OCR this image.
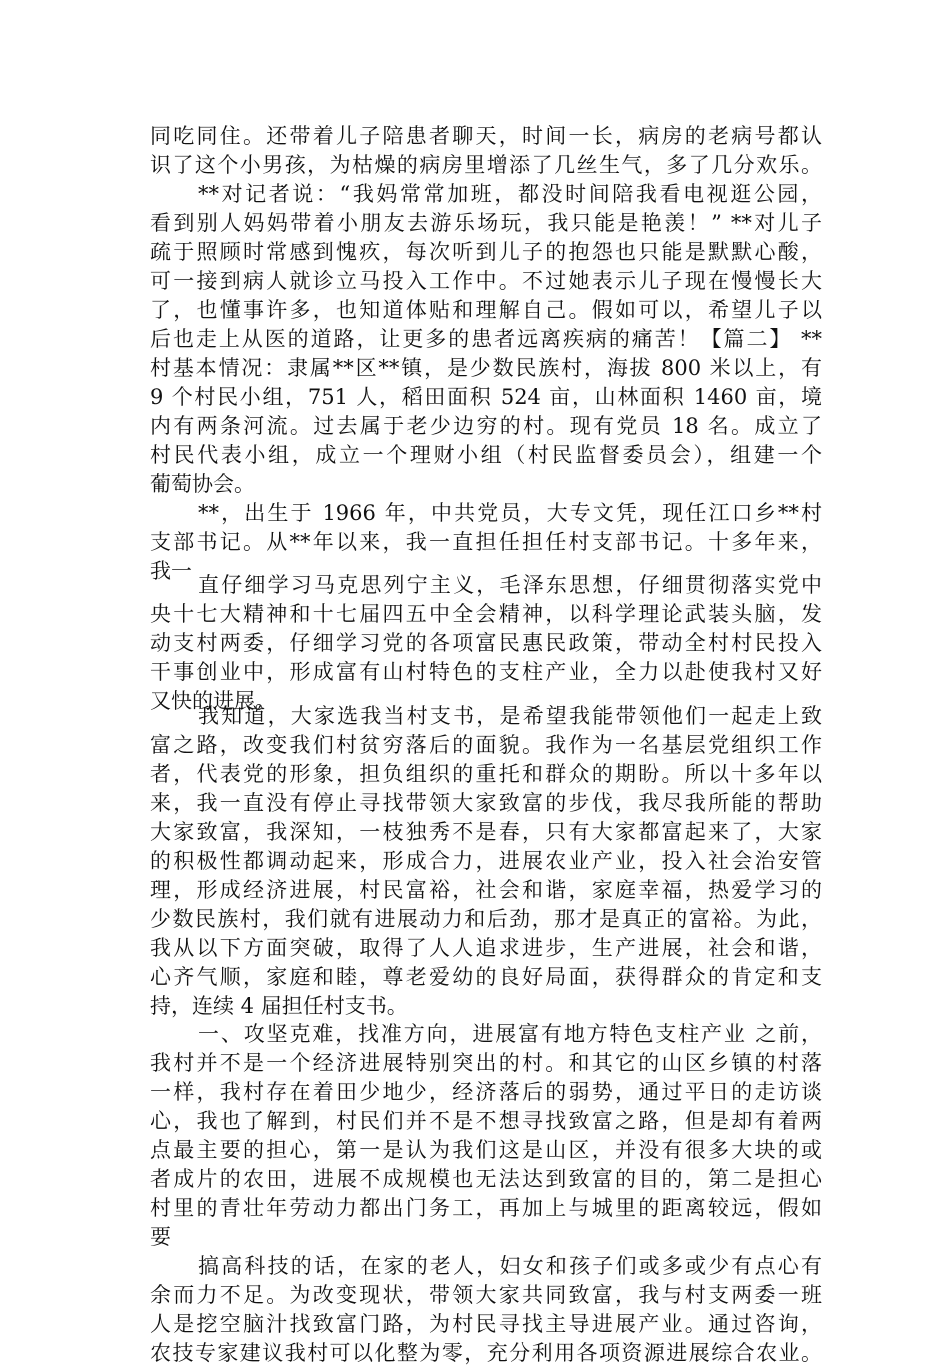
同吃同住。还带着儿子陪患者聊天，时间一长，病房的老病号都认
识了这个小男孩，为枯燥的病房里增添了几丝生气，多了几分欢乐。
**对记者说：“我妈常常加班，都没时间陪我看电视逛公园，
看到别人妈妈带着小朋友去游乐场玩，我只能是艳羡！” **对儿子
疏于照顾时常感到愧疚，每次听到儿子的抱怨也只能是默默心酸，
可一接到病人就诊立马投入工作中。不过她表示儿子现在慢慢长大
了，也懂事许多，也知道体贴和理解自己。假如可以，希望儿子以
后也走上从医的道路，让更多的患者远离疾病的痛苦！【篇二】 **
村基本情况：隶属**区**镇，是少数民族村，海拔 800 米以上，有
9 个村民小组，751 人，稻田面积 524 亩，山林面积 1460 亩，境
内有两条河流。过去属于老少边穷的村。现有党员 18 名。成立了
村民代表小组，成立一个理财小组（村民监督委员会），组建一个
葡萄协会。
**，出生于 1966 年，中共党员，大专文凭，现任江口乡**村
支部书记。从**年以来，我一直担任担任村支部书记。十多年来，
我一
直仔细学习马克思列宁主义，毛泽东思想，仔细贯彻落实党中
央十七大精神和十七届四五中全会精神，以科学理论武装头脑，发
动支村两委，仔细学习党的各项富民惠民政策，带动全村村民投入
干事创业中，形成富有山村特色的支柱产业，全力以赴使我村又好
又快的进展。
我知道，大家选我当村支书，是希望我能带领他们一起走上致
富之路，改变我们村贫穷落后的面貌。我作为一名基层党组织工作
者，代表党的形象，担负组织的重托和群众的期盼。所以十多年以
来，我一直没有停止寻找带领大家致富的步伐，我尽我所能的帮助
大家致富，我深知，一枝独秀不是春，只有大家都富起来了，大家
的积极性都调动起来，形成合力，进展农业产业，投入社会治安管
理，形成经济进展，村民富裕，社会和谐，家庭幸福，热爱学习的
少数民族村，我们就有进展动力和后劲，那才是真正的富裕。为此，
我从以下方面突破，取得了人人追求进步，生产进展，社会和谐，
心齐气顺，家庭和睦，尊老爱幼的良好局面，获得群众的肯定和支
持，连续 4 届担任村支书。
一、攻坚克难，找准方向，进展富有地方特色支柱产业 之前，
我村并不是一个经济进展特别突出的村。和其它的山区乡镇的村落
一样，我村存在着田少地少，经济落后的弱势，通过平日的走访谈
心，我也了解到，村民们并不是不想寻找致富之路，但是却有着两
点最主要的担心，第一是认为我们这是山区，并没有很多大块的或
者成片的农田，进展不成规模也无法达到致富的目的，第二是担心
村里的青壮年劳动力都出门务工，再加上与城里的距离较远，假如
要
搞高科技的话，在家的老人，妇女和孩子们或多或少有点心有
余而力不足。为改变现状，带领大家共同致富，我与村支两委一班
人是挖空脑汁找致富门路，为村民寻找主导进展产业。通过咨询，
农技专家建议我村可以化整为零，充分利用各项资源进展综合农业。
